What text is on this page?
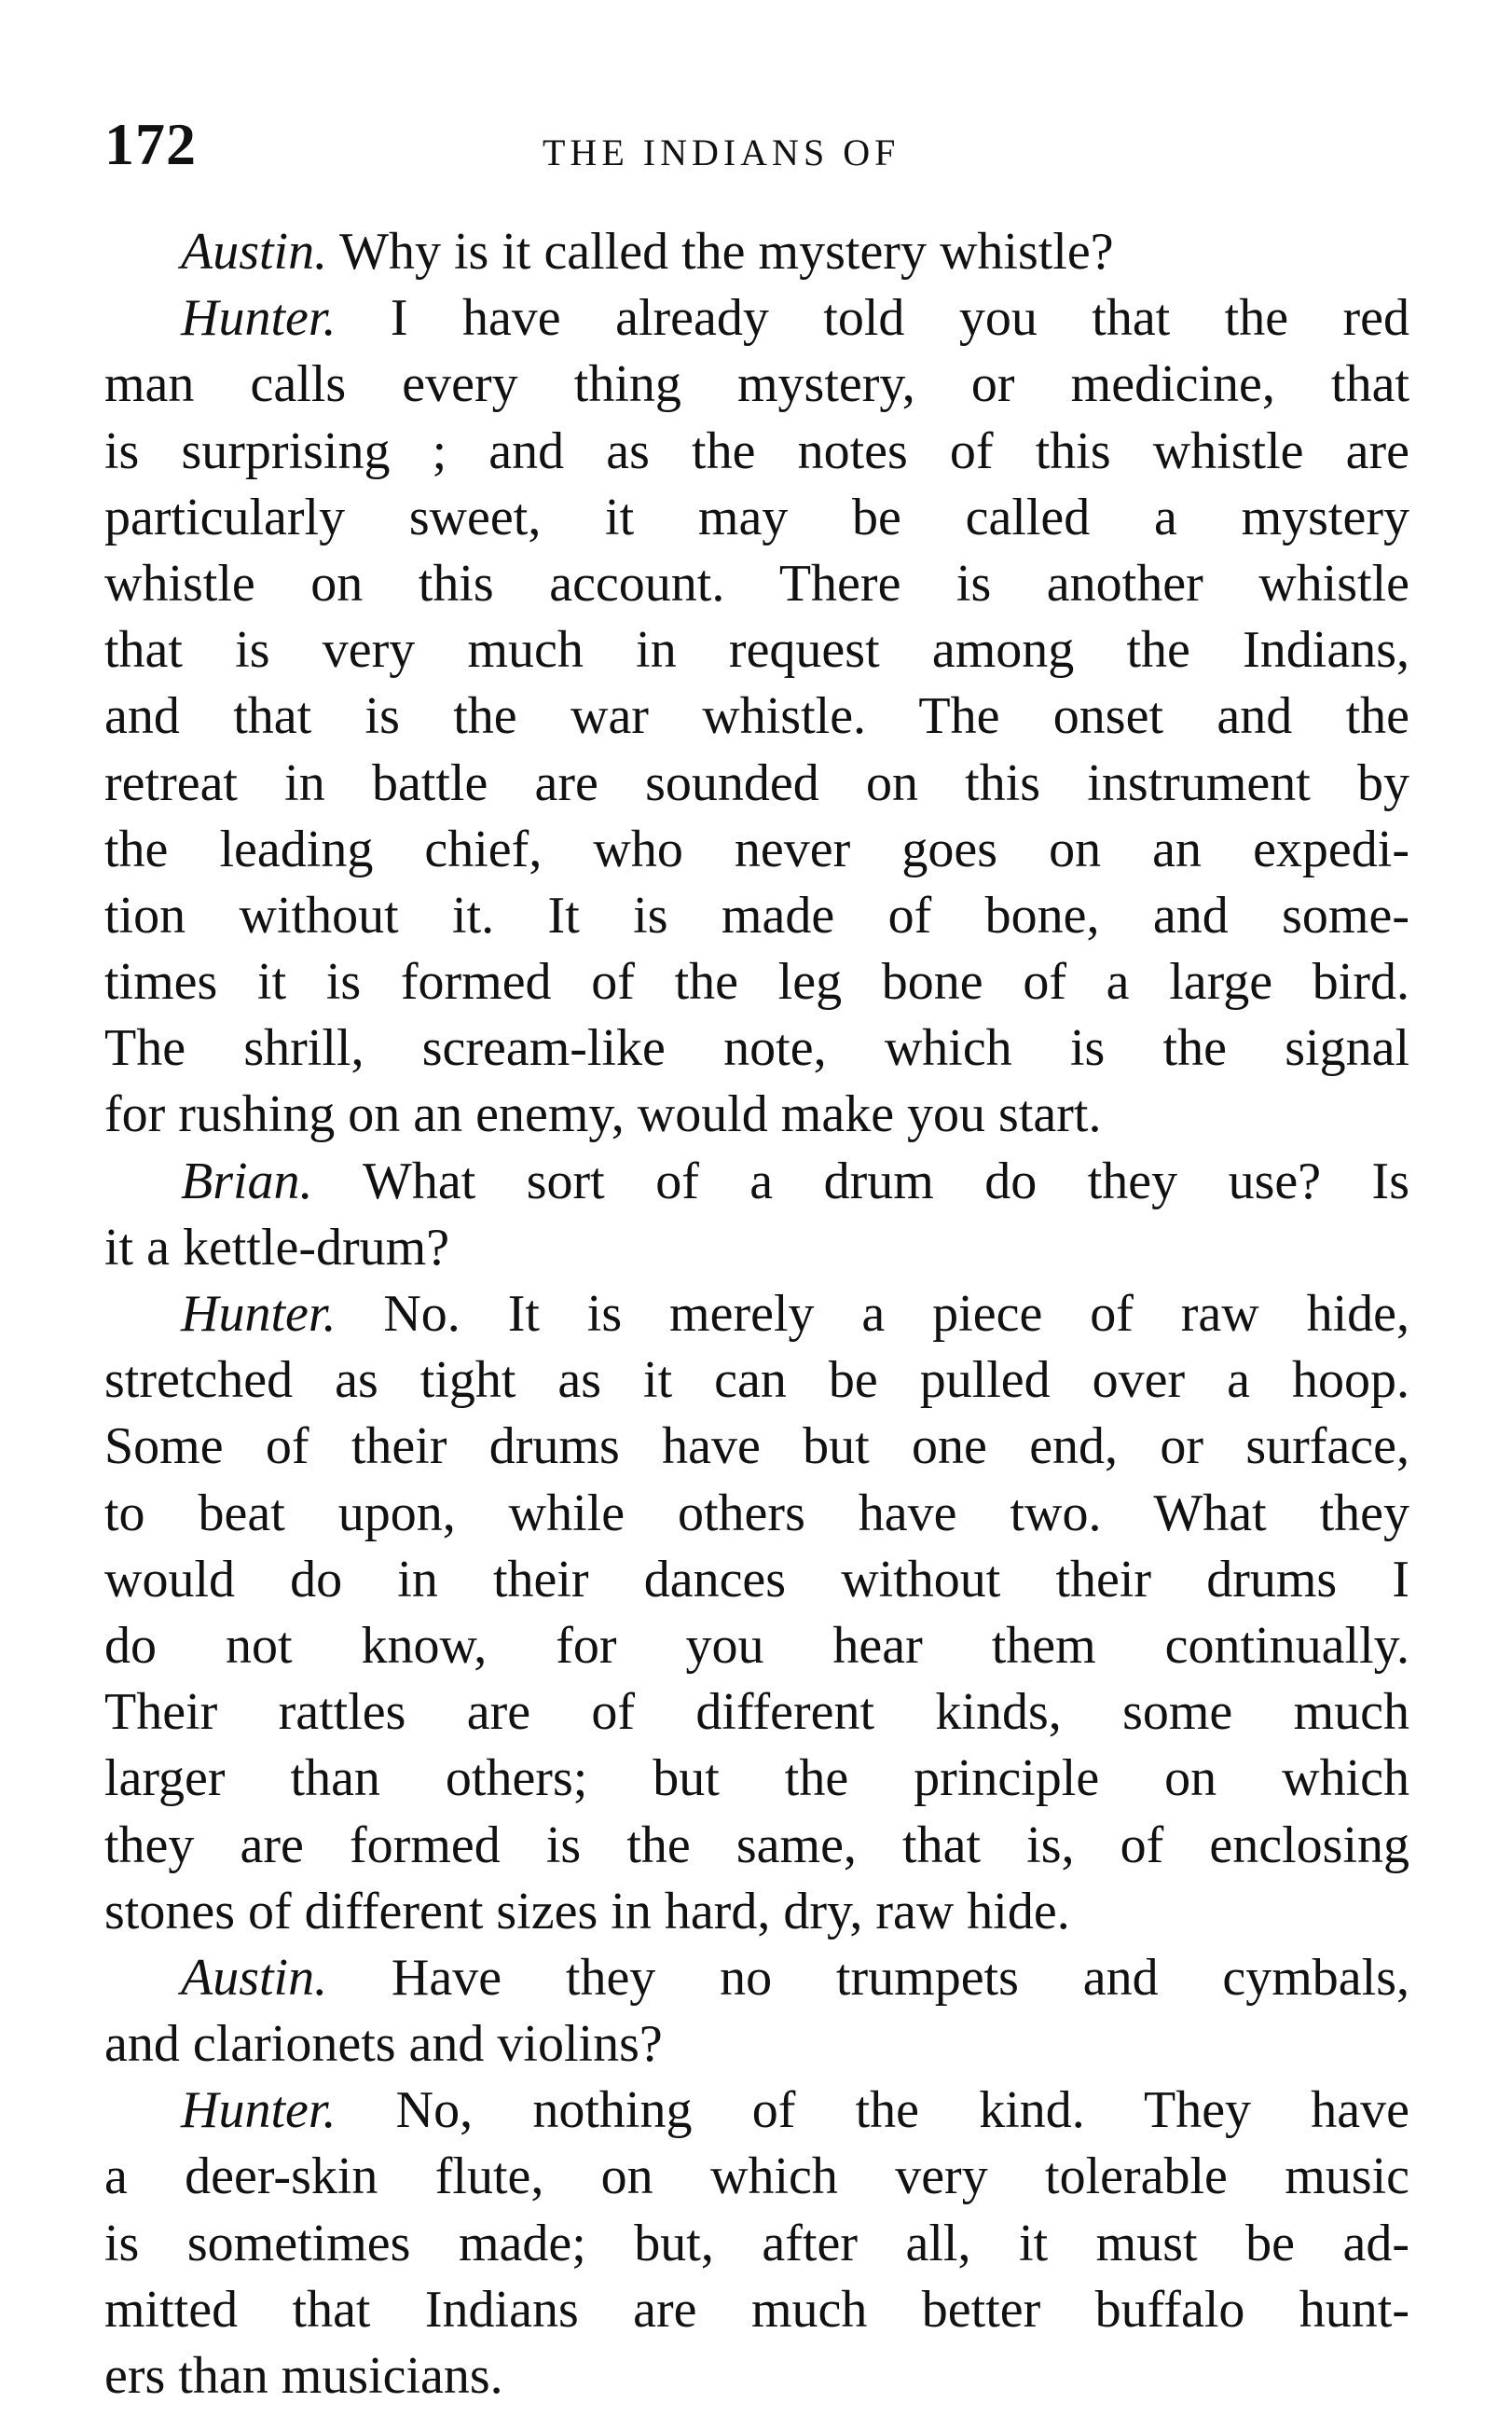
172	THE INDIANS OF
Austin. Why is it called the mystery whistle?
Hunter. I have already told you that the red
man calls every thing mystery, or medicine, that
is surprising ; and as the notes of this whistle are
particularly sweet, it may be called a mystery
whistle on this account. There is another whistle
that is very much in request among the Indians,
and that is the war whistle. The onset and the
retreat in battle are sounded on this instrument by
the leading chief, who never goes on an expedi-
tion without it. It is made of bone, and some-
times it is formed of the leg bone of a large bird.
The shrill, scream-like note, which is the signal
for rushing on an enemy, would make you start.
Brian. What sort of a drum do they use? Is
it a kettle-drum?
Hunter. No. It is merely a piece of raw hide,
stretched as tight as it can be pulled over a hoop.
Some of their drums have but one end, or surface,
to beat upon, while others have two. What they
would do in their dances without their drums I
do not know, for you hear them continually.
Their rattles are of different kinds, some much
larger than others; but the principle on which
they are formed is the same, that is, of enclosing
stones of different sizes in hard, dry, raw hide.
Austin. Have they no trumpets and cymbals,
and clarionets and violins?
Hunter. No, nothing of the kind. They have
a deer-skin flute, on which very tolerable music
is sometimes made; but, after all, it must be ad-
mitted that Indians are much better buffalo hunt-
ers than musicians.
